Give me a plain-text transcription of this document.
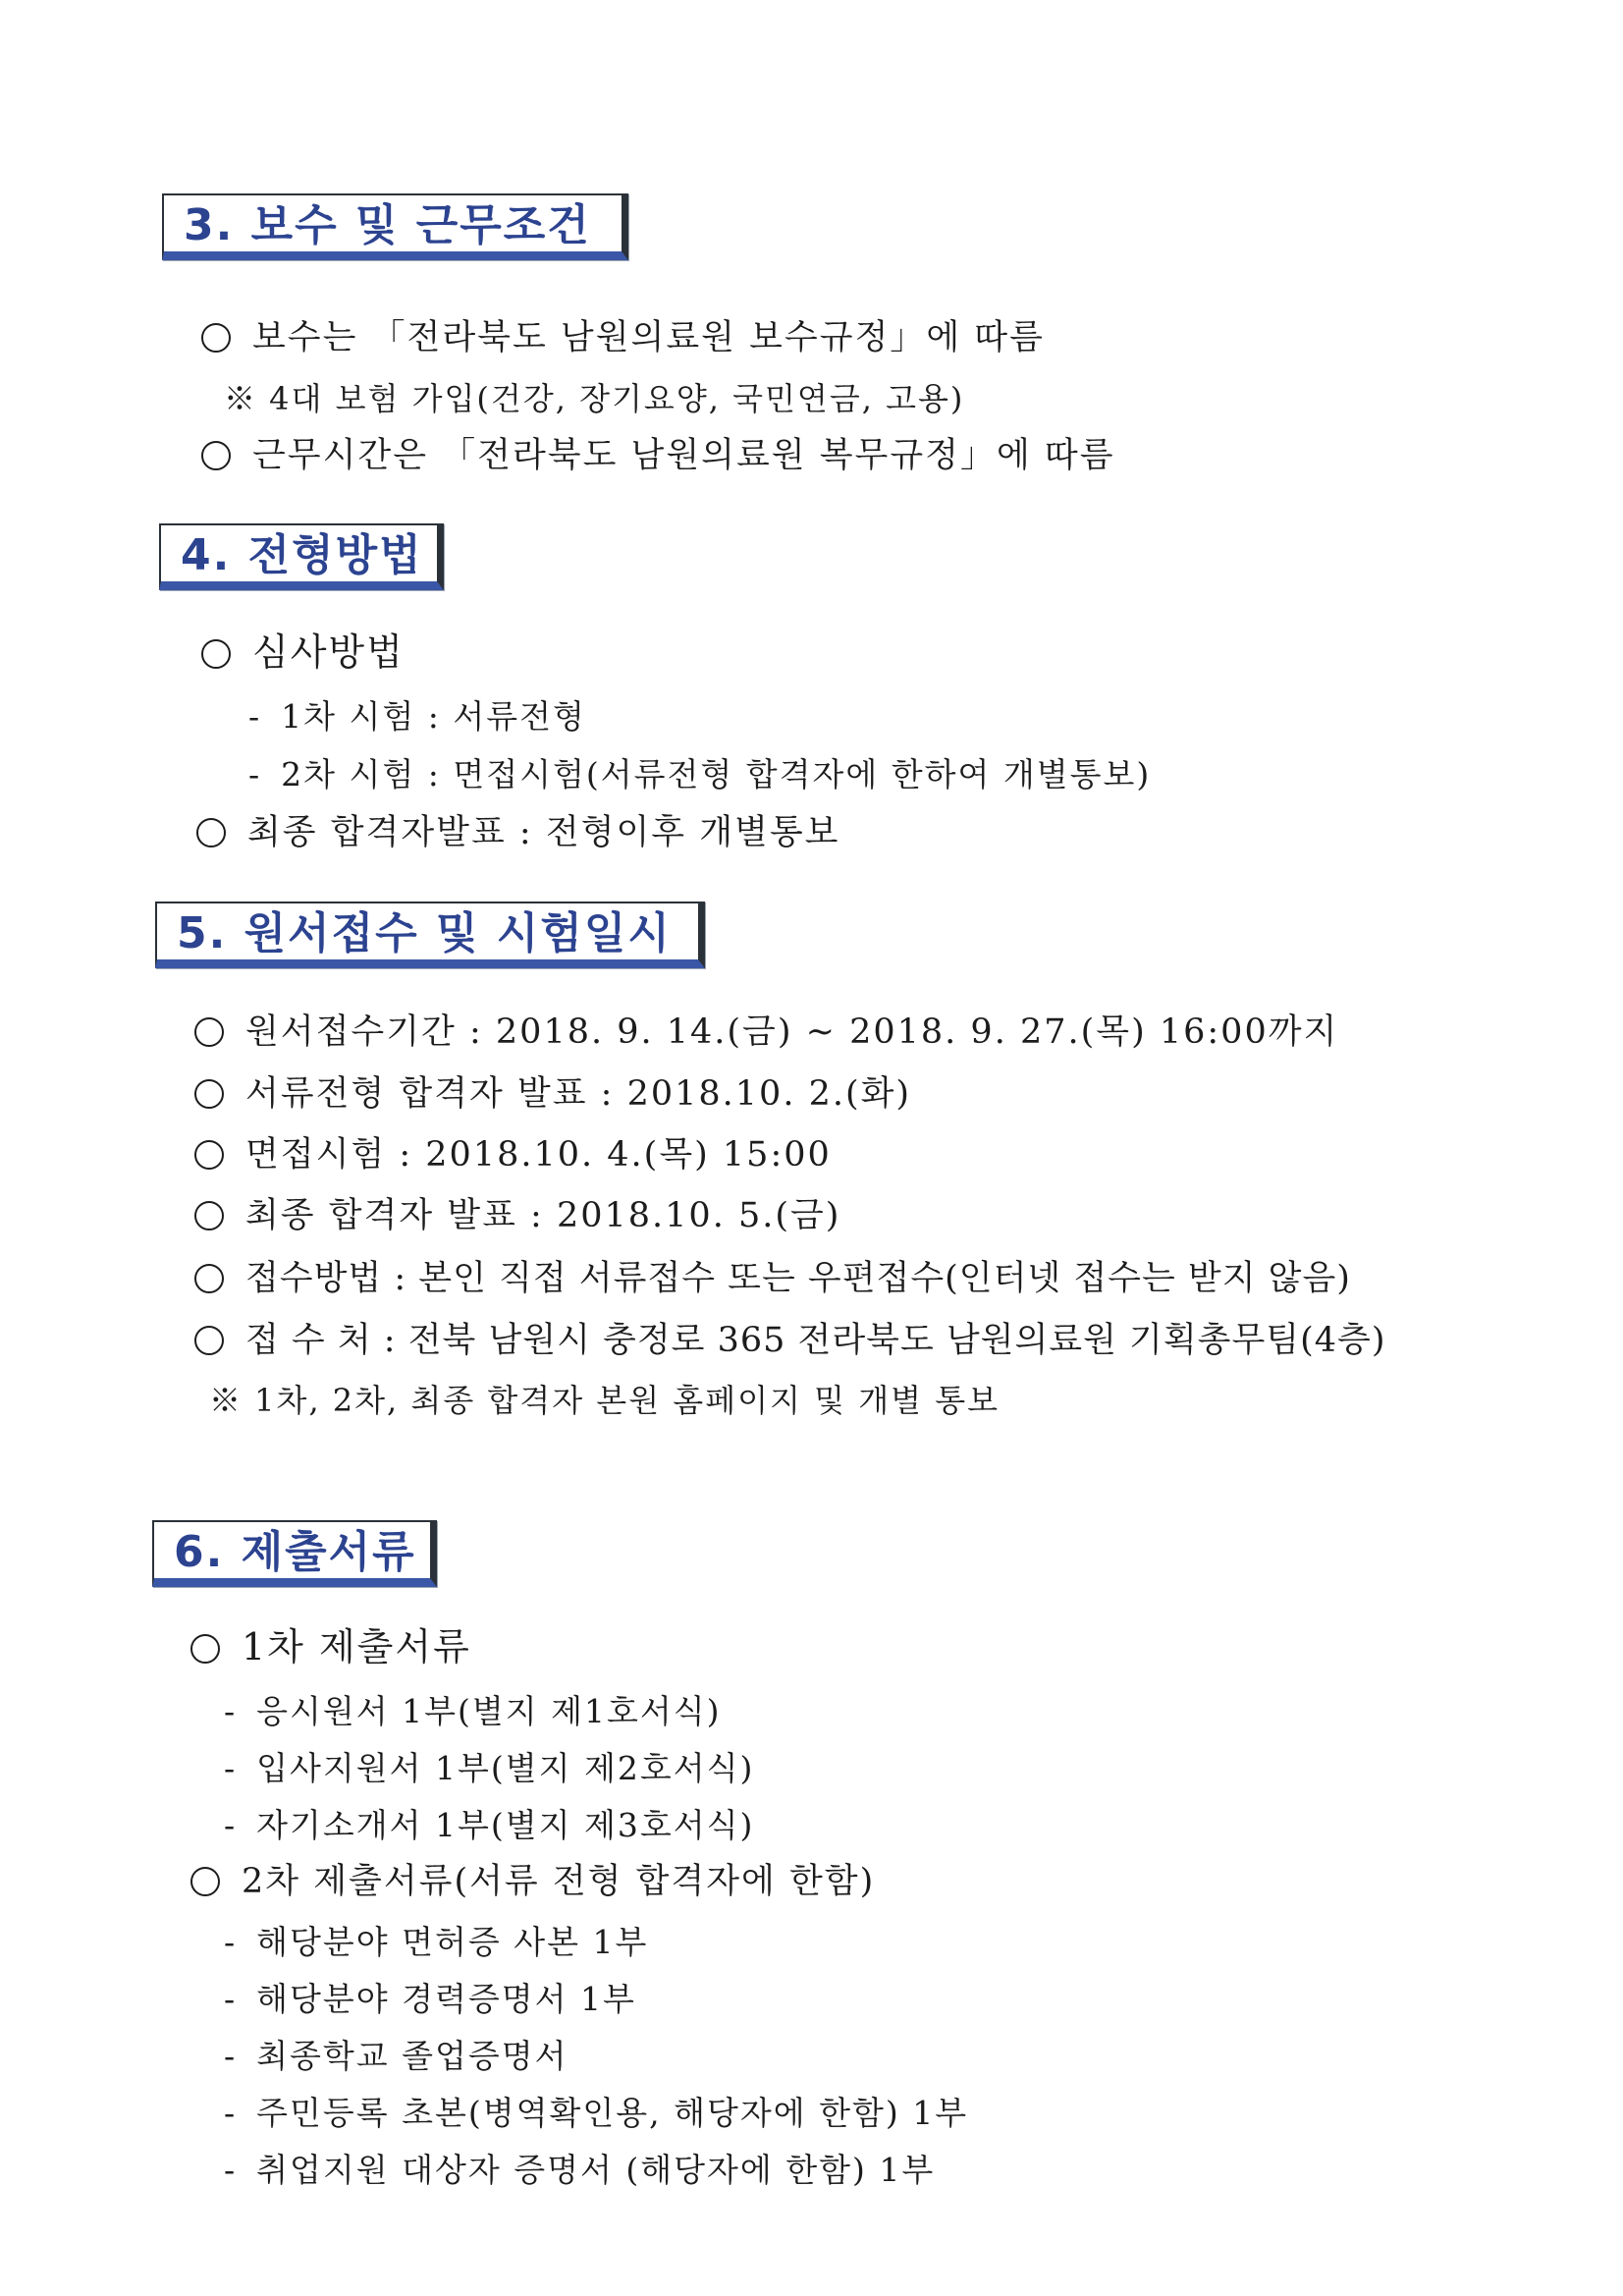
3. 보수 및 근무조건
보수는 「전라북도 남원의료원 보수규정」에 따름
※ 4대 보험 가입(건강, 장기요양, 국민연금, 고용)
근무시간은 「전라북도 남원의료원 복무규정」에 따름
4. 전형방법
심사방법
- 1차 시험 : 서류전형
- 2차 시험 : 면접시험(서류전형 합격자에 한하여 개별통보)
최종 합격자발표 : 전형이후 개별통보
5. 원서접수 및 시험일시
원서접수기간 : 2018. 9. 14.(금) ~ 2018. 9. 27.(목) 16:00까지
서류전형 합격자 발표 : 2018.10. 2.(화)
면접시험 : 2018.10. 4.(목) 15:00
최종 합격자 발표 : 2018.10. 5.(금)
접수방법 : 본인 직접 서류접수 또는 우편접수(인터넷 접수는 받지 않음)
접 수 처 : 전북 남원시 충정로 365 전라북도 남원의료원 기획총무팀(4층)
※ 1차, 2차, 최종 합격자 본원 홈페이지 및 개별 통보
6. 제출서류
1차 제출서류
- 응시원서 1부(별지 제1호서식)
- 입사지원서 1부(별지 제2호서식)
- 자기소개서 1부(별지 제3호서식)
2차 제출서류(서류 전형 합격자에 한함)
- 해당분야 면허증 사본 1부
- 해당분야 경력증명서 1부
- 최종학교 졸업증명서
- 주민등록 초본(병역확인용, 해당자에 한함) 1부
- 취업지원 대상자 증명서 (해당자에 한함) 1부
